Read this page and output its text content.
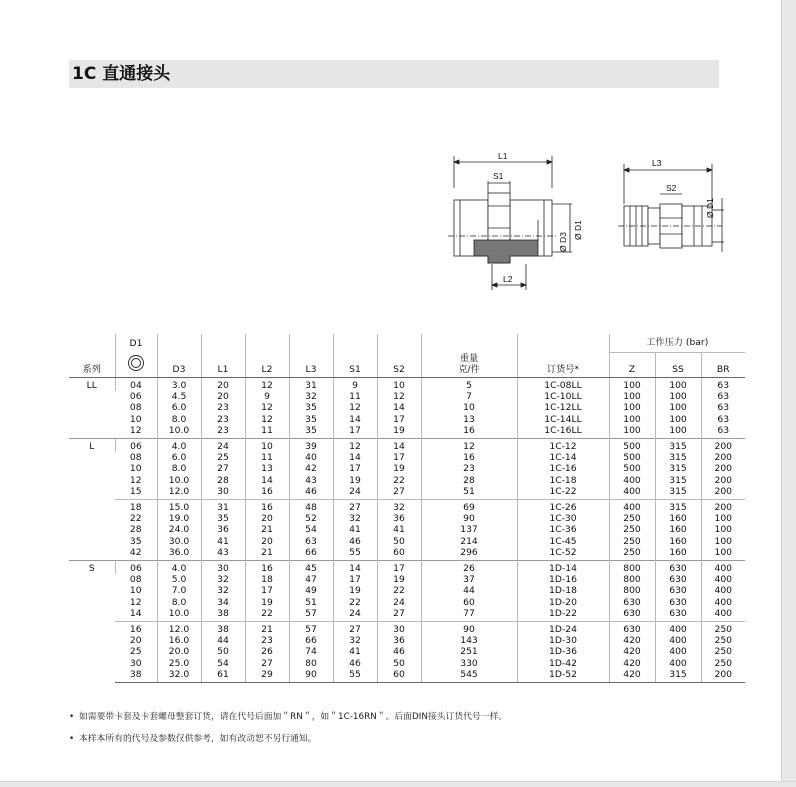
1C 直通接头
L1
S1
Ø D3
Ø D1
L2
L3
S2
Ø D1
	D1									工作压力 (bar)		
系列		D3	L1	L2	L3	S1	S2	重量
克/件	订货号*	Z	SS	BR
LL	04	3.0	20	12	31	9	10	5	1C-08LL	100	100	63
	06	4.5	20	9	32	11	12	7	1C-10LL	100	100	63
	08	6.0	23	12	35	12	14	10	1C-12LL	100	100	63
	10	8.0	23	12	35	14	17	13	1C-14LL	100	100	63
	12	10.0	23	11	35	17	19	16	1C-16LL	100	100	63
L	06	4.0	24	10	39	12	14	12	1C-12	500	315	200
	08	6.0	25	11	40	14	17	16	1C-14	500	315	200
	10	8.0	27	13	42	17	19	23	1C-16	500	315	200
	12	10.0	28	14	43	19	22	28	1C-18	400	315	200
	15	12.0	30	16	46	24	27	51	1C-22	400	315	200
	18	15.0	31	16	48	27	32	69	1C-26	400	315	200
	22	19.0	35	20	52	32	36	90	1C-30	250	160	100
	28	24.0	36	21	54	41	41	137	1C-36	250	160	100
	35	30.0	41	20	63	46	50	214	1C-45	250	160	100
	42	36.0	43	21	66	55	60	296	1C-52	250	160	100
S	06	4.0	30	16	45	14	17	26	1D-14	800	630	400
	08	5.0	32	18	47	17	19	37	1D-16	800	630	400
	10	7.0	32	17	49	19	22	44	1D-18	800	630	400
	12	8.0	34	19	51	22	24	60	1D-20	630	630	400
	14	10.0	38	22	57	24	27	77	1D-22	630	630	400
	16	12.0	38	21	57	27	30	90	1D-24	630	400	250
	20	16.0	44	23	66	32	36	143	1D-30	420	400	250
	25	20.0	50	26	74	41	46	251	1D-36	420	400	250
	30	25.0	54	27	80	46	50	330	1D-42	420	400	250
	38	32.0	61	29	90	55	60	545	1D-52	420	315	200
• 如需要带卡套及卡套螺母整套订货，请在代号后面加＂RN＂，如＂1C-16RN＂。后面DIN接头订货代号一样。
• 本样本所有的代号及参数仅供参考，如有改动恕不另行通知。
